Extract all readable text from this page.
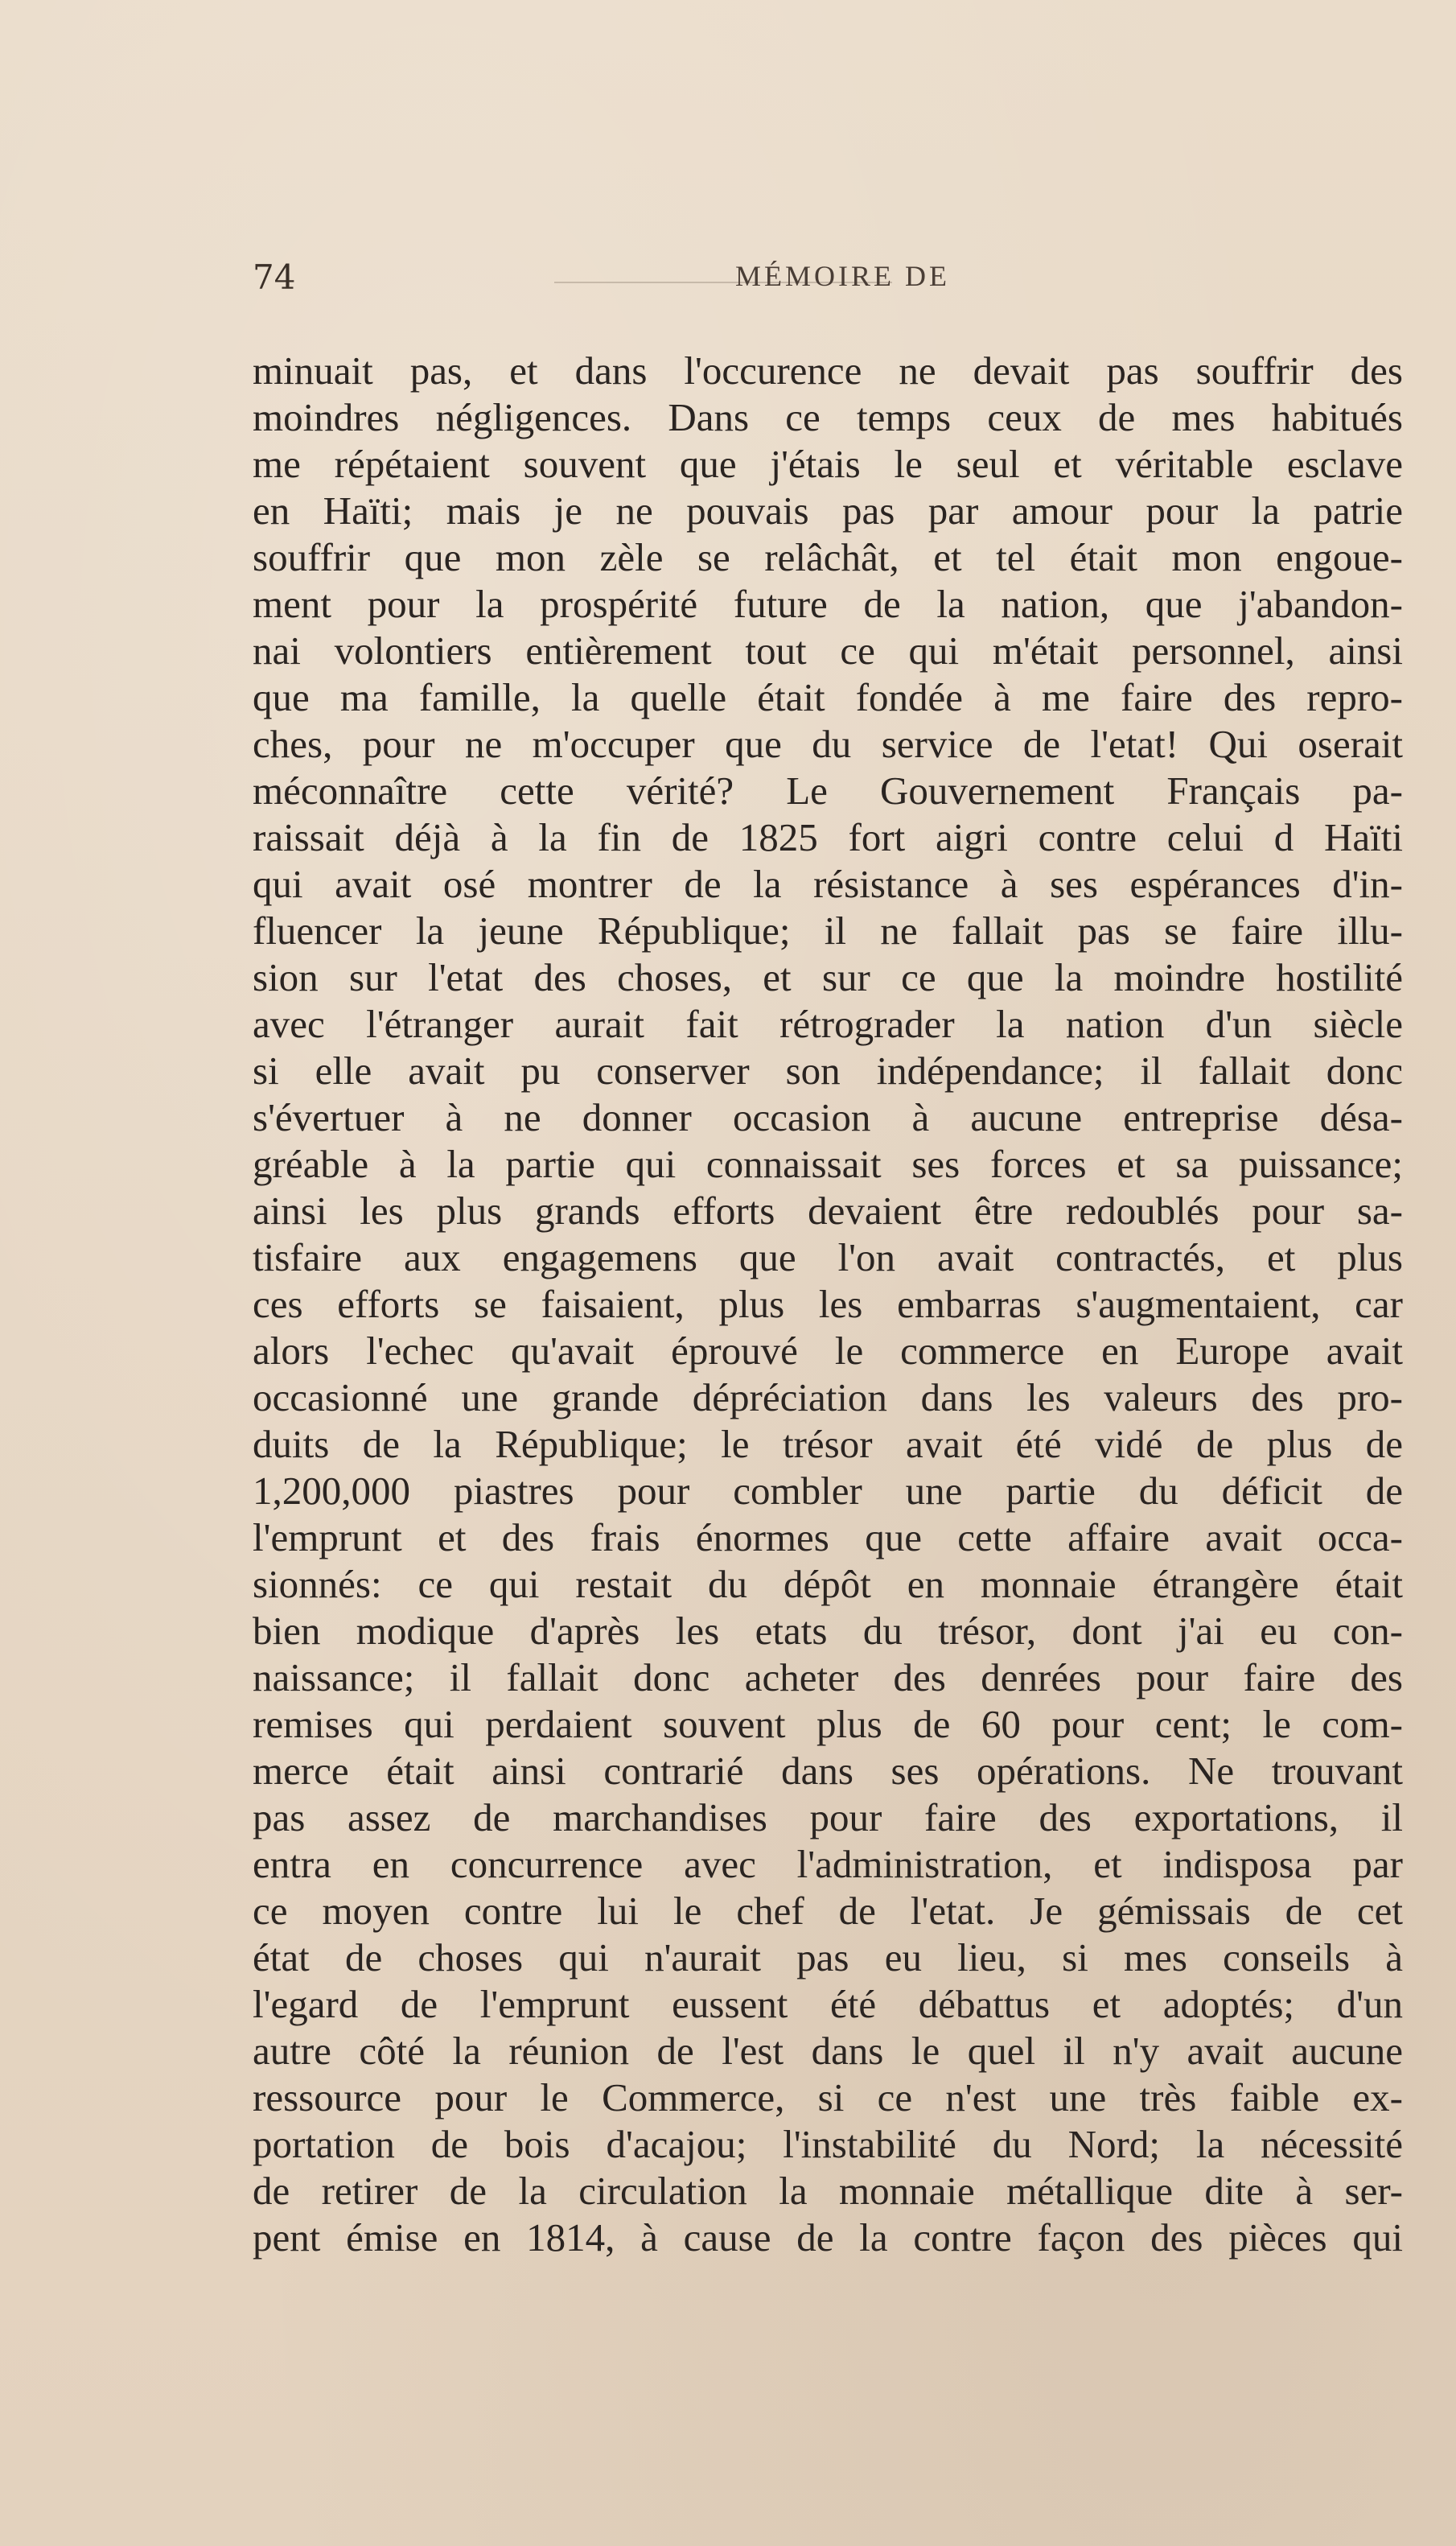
74	MÉMOIRE DE
minuait pas, et dans l'occurence ne devait pas souffrir des
moindres négligences. Dans ce temps ceux de mes habitués
me répétaient souvent que j'étais le seul et véritable esclave
en Haïti; mais je ne pouvais pas par amour pour la patrie
souffrir que mon zèle se relâchât, et tel était mon engoue-
ment pour la prospérité future de la nation, que j'abandon-
nai volontiers entièrement tout ce qui m'était personnel, ainsi
que ma famille, la quelle était fondée à me faire des repro-
ches, pour ne m'occuper que du service de l'etat! Qui oserait
méconnaître cette vérité? Le Gouvernement Français pa-
raissait déjà à la fin de 1825 fort aigri contre celui d Haïti
qui avait osé montrer de la résistance à ses espérances d'in-
fluencer la jeune République; il ne fallait pas se faire illu-
sion sur l'etat des choses, et sur ce que la moindre hostilité
avec l'étranger aurait fait rétrograder la nation d'un siècle
si elle avait pu conserver son indépendance; il fallait donc
s'évertuer à ne donner occasion à aucune entreprise désa-
gréable à la partie qui connaissait ses forces et sa puissance;
ainsi les plus grands efforts devaient être redoublés pour sa-
tisfaire aux engagemens que l'on avait contractés, et plus
ces efforts se faisaient, plus les embarras s'augmentaient, car
alors l'echec qu'avait éprouvé le commerce en Europe avait
occasionné une grande dépréciation dans les valeurs des pro-
duits de la République; le trésor avait été vidé de plus de
1,200,000 piastres pour combler une partie du déficit de
l'emprunt et des frais énormes que cette affaire avait occa-
sionnés: ce qui restait du dépôt en monnaie étrangère était
bien modique d'après les etats du trésor, dont j'ai eu con-
naissance; il fallait donc acheter des denrées pour faire des
remises qui perdaient souvent plus de 60 pour cent; le com-
merce était ainsi contrarié dans ses opérations. Ne trouvant
pas assez de marchandises pour faire des exportations, il
entra en concurrence avec l'administration, et indisposa par
ce moyen contre lui le chef de l'etat. Je gémissais de cet
état de choses qui n'aurait pas eu lieu, si mes conseils à
l'egard de l'emprunt eussent été débattus et adoptés; d'un
autre côté la réunion de l'est dans le quel il n'y avait aucune
ressource pour le Commerce, si ce n'est une très faible ex-
portation de bois d'acajou; l'instabilité du Nord; la nécessité
de retirer de la circulation la monnaie métallique dite à ser-
pent émise en 1814, à cause de la contre façon des pièces qui
